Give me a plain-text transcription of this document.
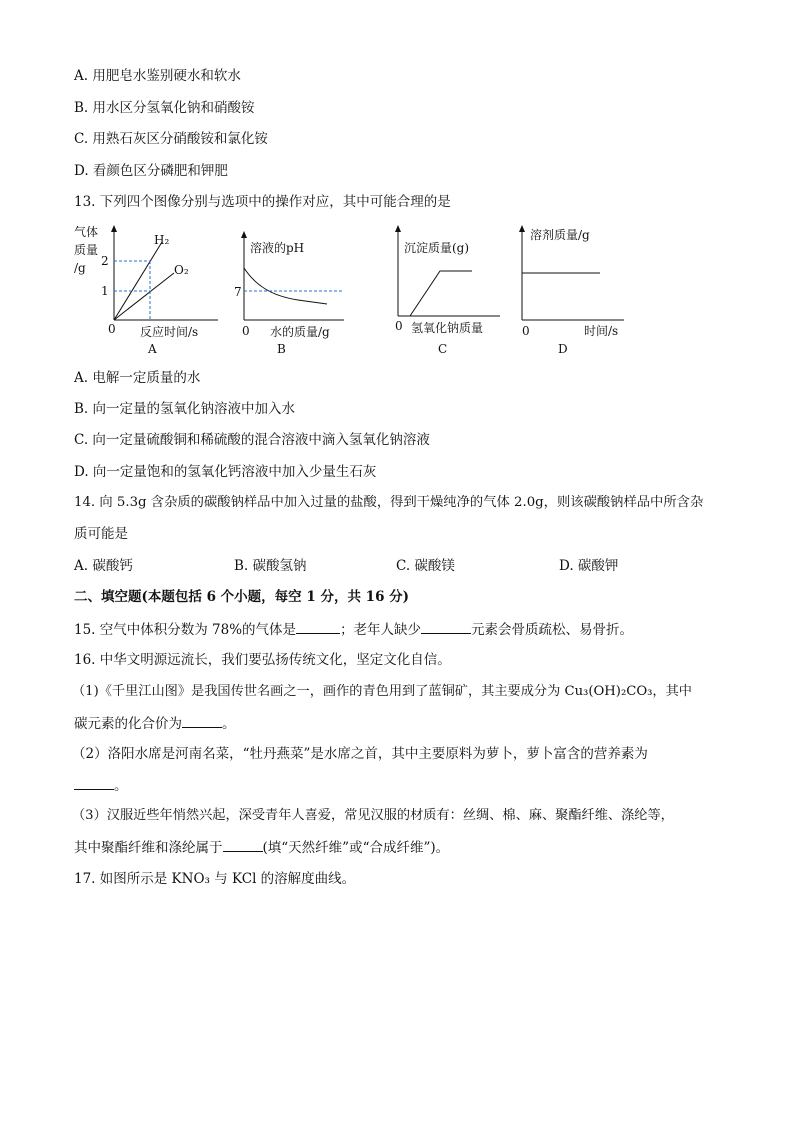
A. 用肥皂水鉴别硬水和软水
B. 用水区分氢氧化钠和硝酸铵
C. 用熟石灰区分硝酸铵和氯化铵
D. 看颜色区分磷肥和钾肥
13. 下列四个图像分别与选项中的操作对应，其中可能合理的是
气体
质量
/g 2
1
0
H₂
O₂
反应时间/s
A
溶液的pH
7
0 水的质量/g
B
沉淀质量(g)
0 氢氧化钠质量
C
溶剂质量/g
0	时间/s
D
A. 电解一定质量的水
B. 向一定量的氢氧化钠溶液中加入水
C. 向一定量硫酸铜和稀硫酸的混合溶液中滴入氢氧化钠溶液
D. 向一定量饱和的氢氧化钙溶液中加入少量生石灰
14. 向 5.3g 含杂质的碳酸钠样品中加入过量的盐酸，得到干燥纯净的气体 2.0g，则该碳酸钠样品中所含杂
质可能是
A. 碳酸钙	B. 碳酸氢钠	C. 碳酸镁	D. 碳酸钾
二、填空题(本题包括 6 个小题，每空 1 分，共 16 分)
15. 空气中体积分数为 78%的气体是	；老年人缺少	元素会骨质疏松、易骨折。
16. 中华文明源远流长，我们要弘扬传统文化，坚定文化自信。
（1)《千里江山图》是我国传世名画之一，画作的青色用到了蓝铜矿，其主要成分为 Cu₃(OH)₂CO₃，其中
碳元素的化合价为	。
（2）洛阳水席是河南名菜，“牡丹燕菜”是水席之首，其中主要原料为萝卜，萝卜富含的营养素为
。
（3）汉服近些年悄然兴起，深受青年人喜爱，常见汉服的材质有：丝绸、棉、麻、聚酯纤维、涤纶等，
其中聚酯纤维和涤纶属于	(填“天然纤维”或“合成纤维”)。
17. 如图所示是 KNO₃ 与 KCl 的溶解度曲线。
